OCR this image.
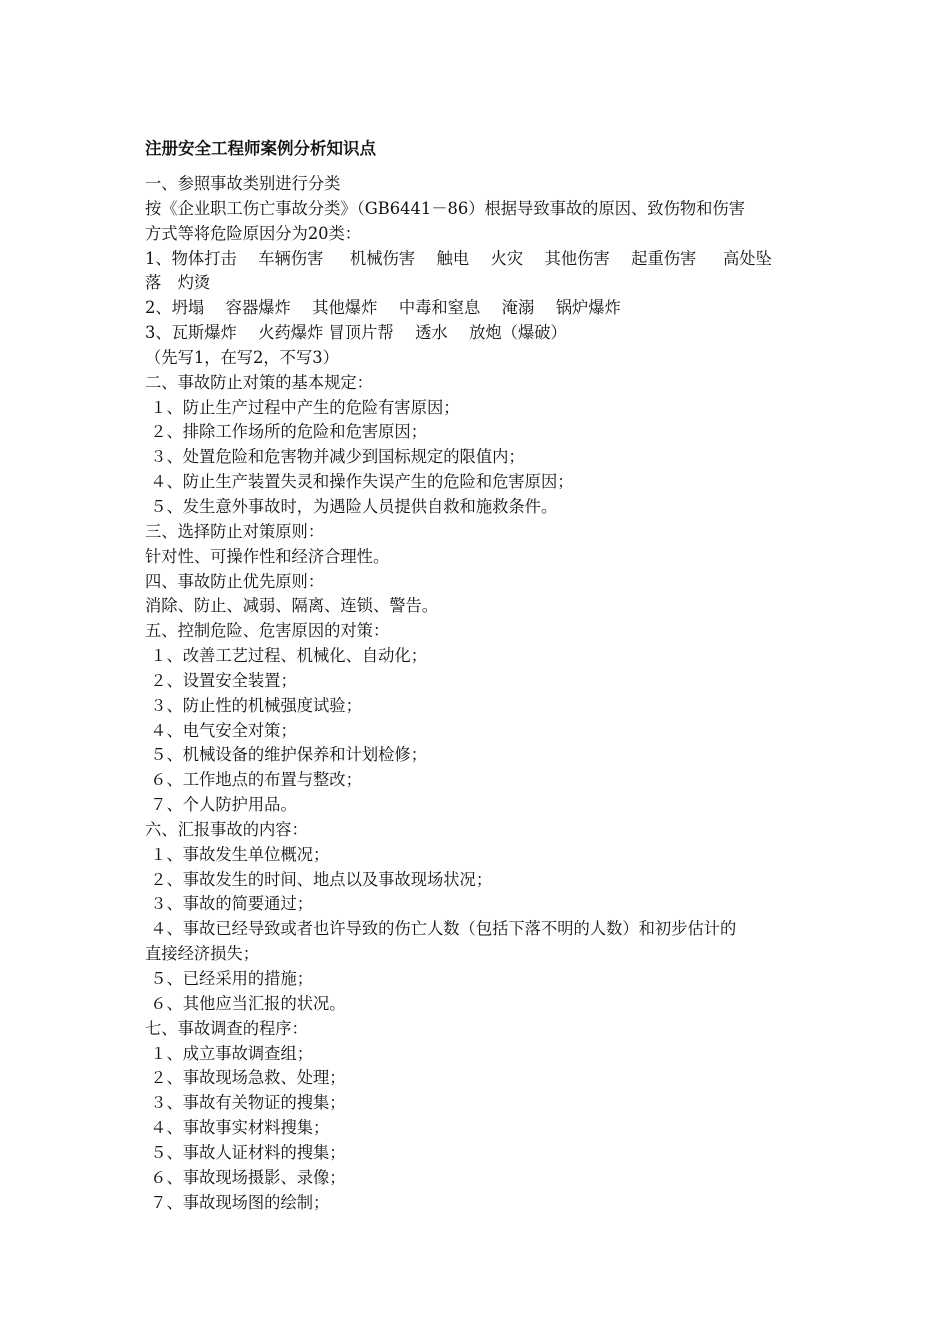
注册安全工程师案例分析知识点
一、参照事故类别进行分类
按《企业职工伤亡事故分类》（GB6441－86）根据导致事故的原因、致伤物和伤害
方式等将危险原因分为20类：
1、物体打击　 车辆伤害　  机械伤害　 触电　 火灾　 其他伤害　 起重伤害　  高处坠
落　灼烫
2、坍塌　 容器爆炸　 其他爆炸　 中毒和窒息　 淹溺　 锅炉爆炸
3、瓦斯爆炸　 火药爆炸 冒顶片帮　 透水　 放炮（爆破）
（先写1，在写2，不写3）
二、事故防止对策的基本规定：
１、防止生产过程中产生的危险有害原因；
２、排除工作场所的危险和危害原因；
３、处置危险和危害物并减少到国标规定的限值内；
４、防止生产装置失灵和操作失误产生的危险和危害原因；
５、发生意外事故时，为遇险人员提供自救和施救条件。
三、选择防止对策原则：
针对性、可操作性和经济合理性。
四、事故防止优先原则：
消除、防止、减弱、隔离、连锁、警告。
五、控制危险、危害原因的对策：
１、改善工艺过程、机械化、自动化；
２、设置安全装置；
３、防止性的机械强度试验；
４、电气安全对策；
５、机械设备的维护保养和计划检修；
６、工作地点的布置与整改；
７、个人防护用品。
六、汇报事故的内容：
１、事故发生单位概况；
２、事故发生的时间、地点以及事故现场状况；
３、事故的简要通过；
４、事故已经导致或者也许导致的伤亡人数（包括下落不明的人数）和初步估计的
直接经济损失；
５、已经采用的措施；
６、其他应当汇报的状况。
七、事故调查的程序：
１、成立事故调查组；
２、事故现场急救、处理；
３、事故有关物证的搜集；
４、事故事实材料搜集；
５、事故人证材料的搜集；
６、事故现场摄影、录像；
７、事故现场图的绘制；
